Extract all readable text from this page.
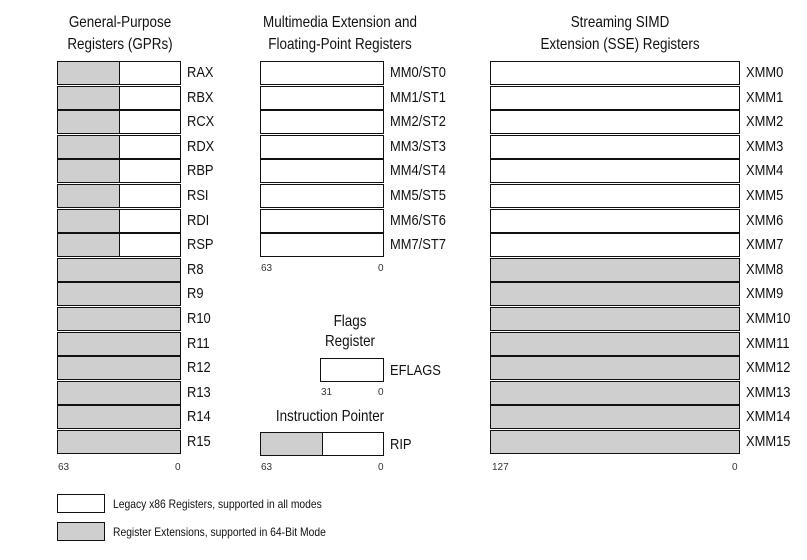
General-Purpose
Registers (GPRs)
Multimedia Extension and
Floating-Point Registers
Streaming SIMD
Extension (SSE) Registers
RAX
RBX
RCX
RDX
RBP
RSI
RDI
RSP
R8
R9
R10
R11
R12
R13
R14
R15
63	0
MM0/ST0
MM1/ST1
MM2/ST2
MM3/ST3
MM4/ST4
MM5/ST5
MM6/ST6
MM7/ST7
63	0
Flags
Register
EFLAGS
31	0
Instruction Pointer
RIP
63	0
XMM0
XMM1
XMM2
XMM3
XMM4
XMM5
XMM6
XMM7
XMM8
XMM9
XMM10
XMM11
XMM12
XMM13
XMM14
XMM15
127	0
Legacy x86 Registers, supported in all modes
Register Extensions, supported in 64-Bit Mode
